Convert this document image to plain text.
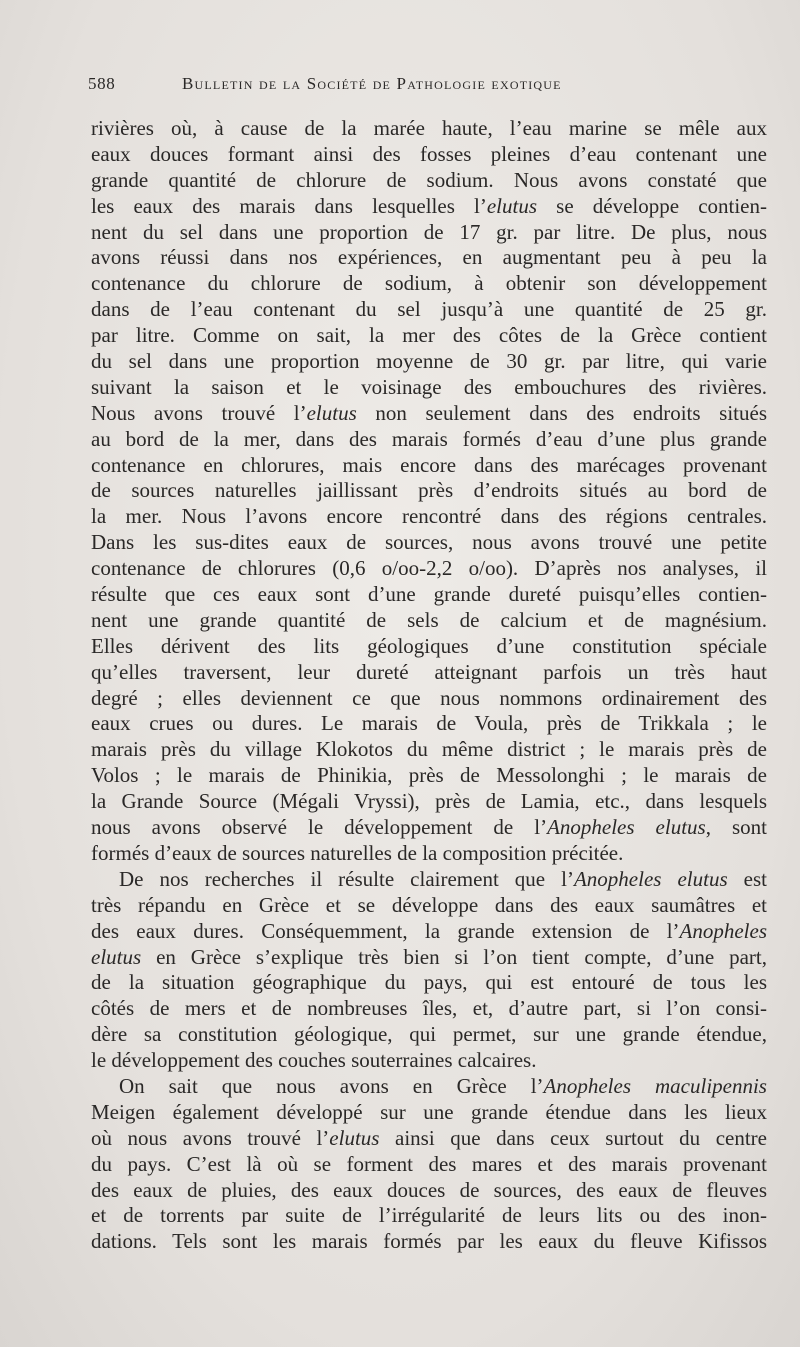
588	Bulletin de la Société de Pathologie exotique
rivières où, à cause de la marée haute, l’eau marine se mêle aux
eaux douces formant ainsi des fosses pleines d’eau contenant une
grande quantité de chlorure de sodium. Nous avons constaté que
les eaux des marais dans lesquelles l’elutus se développe contien-
nent du sel dans une proportion de 17 gr. par litre. De plus, nous
avons réussi dans nos expériences, en augmentant peu à peu la
contenance du chlorure de sodium, à obtenir son développement
dans de l’eau contenant du sel jusqu’à une quantité de 25 gr.
par litre. Comme on sait, la mer des côtes de la Grèce contient
du sel dans une proportion moyenne de 30 gr. par litre, qui varie
suivant la saison et le voisinage des embouchures des rivières.
Nous avons trouvé l’elutus non seulement dans des endroits situés
au bord de la mer, dans des marais formés d’eau d’une plus grande
contenance en chlorures, mais encore dans des marécages provenant
de sources naturelles jaillissant près d’endroits situés au bord de
la mer. Nous l’avons encore rencontré dans des régions centrales.
Dans les sus-dites eaux de sources, nous avons trouvé une petite
contenance de chlorures (0,6 o/oo-2,2 o/oo). D’après nos analyses, il
résulte que ces eaux sont d’une grande dureté puisqu’elles contien-
nent une grande quantité de sels de calcium et de magnésium.
Elles dérivent des lits géologiques d’une constitution spéciale
qu’elles traversent, leur dureté atteignant parfois un très haut
degré ; elles deviennent ce que nous nommons ordinairement des
eaux crues ou dures. Le marais de Voula, près de Trikkala ; le
marais près du village Klokotos du même district ; le marais près de
Volos ; le marais de Phinikia, près de Messolonghi ; le marais de
la Grande Source (Mégali Vryssi), près de Lamia, etc., dans lesquels
nous avons observé le développement de l’Anopheles elutus, sont
formés d’eaux de sources naturelles de la composition précitée.
De nos recherches il résulte clairement que l’Anopheles elutus est
très répandu en Grèce et se développe dans des eaux saumâtres et
des eaux dures. Conséquemment, la grande extension de l’Anopheles
elutus en Grèce s’explique très bien si l’on tient compte, d’une part,
de la situation géographique du pays, qui est entouré de tous les
côtés de mers et de nombreuses îles, et, d’autre part, si l’on consi-
dère sa constitution géologique, qui permet, sur une grande étendue,
le développement des couches souterraines calcaires.
On sait que nous avons en Grèce l’Anopheles maculipennis
Meigen également développé sur une grande étendue dans les lieux
où nous avons trouvé l’elutus ainsi que dans ceux surtout du centre
du pays. C’est là où se forment des mares et des marais provenant
des eaux de pluies, des eaux douces de sources, des eaux de fleuves
et de torrents par suite de l’irrégularité de leurs lits ou des inon-
dations. Tels sont les marais formés par les eaux du fleuve Kifissos
